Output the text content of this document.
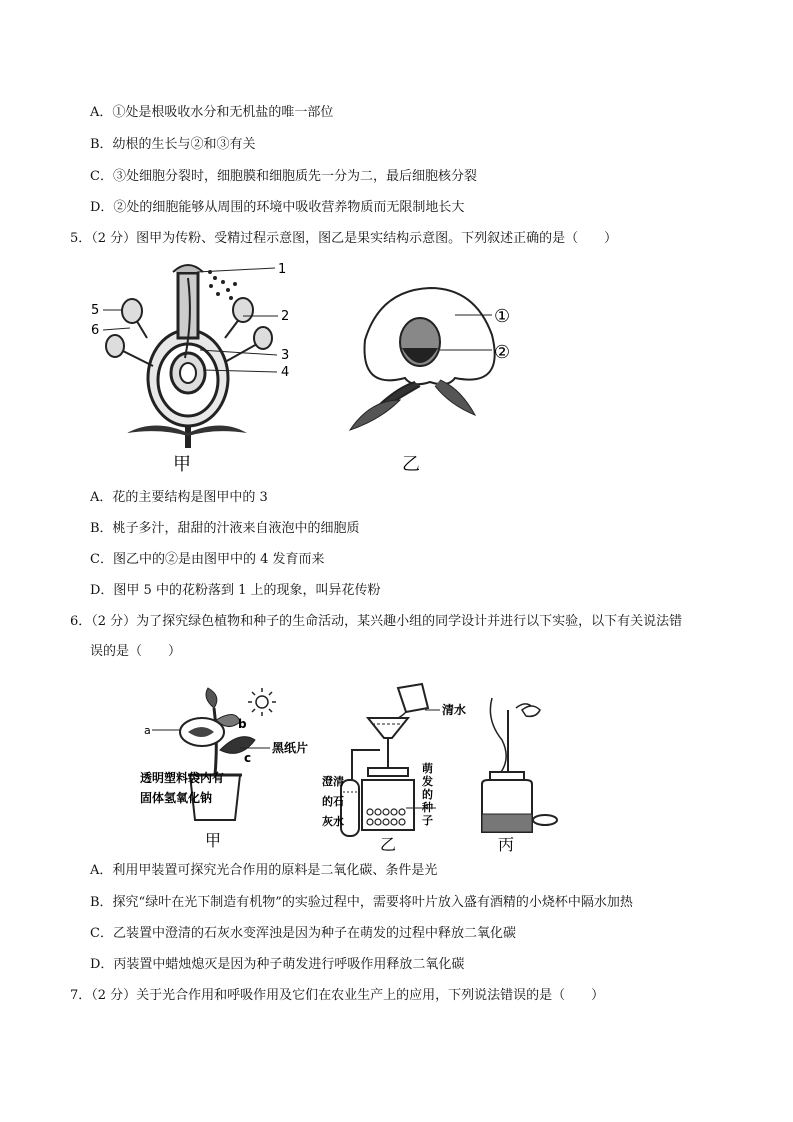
A．①处是根吸收水分和无机盐的唯一部位
B．幼根的生长与②和③有关
C．③处细胞分裂时，细胞膜和细胞质先一分为二，最后细胞核分裂
D．②处的细胞能够从周围的环境中吸收营养物质而无限制地长大
5．（2 分）图甲为传粉、受精过程示意图，图乙是果实结构示意图。下列叙述正确的是（　　）
1
2
3
4
5
6
甲
①
②
乙
A．花的主要结构是图甲中的 3
B．桃子多汁，甜甜的汁液来自液泡中的细胞质
C．图乙中的②是由图甲中的 4 发育而来
D．图甲 5 中的花粉落到 1 上的现象，叫异花传粉
6．（2 分）为了探究绿色植物和种子的生命活动，某兴趣小组的同学设计并进行以下实验，以下有关说法错
误的是（　　）
a	b
c
黑纸片
透明塑料袋内有
固体氢氧化钠
甲
清水
澄清
的石
灰水
萌
发
的
种
子
乙	丙
A．利用甲装置可探究光合作用的原料是二氧化碳、条件是光
B．探究“绿叶在光下制造有机物”的实验过程中，需要将叶片放入盛有酒精的小烧杯中隔水加热
C．乙装置中澄清的石灰水变浑浊是因为种子在萌发的过程中释放二氧化碳
D．丙装置中蜡烛熄灭是因为种子萌发进行呼吸作用释放二氧化碳
7．（2 分）关于光合作用和呼吸作用及它们在农业生产上的应用，下列说法错误的是（　　）
